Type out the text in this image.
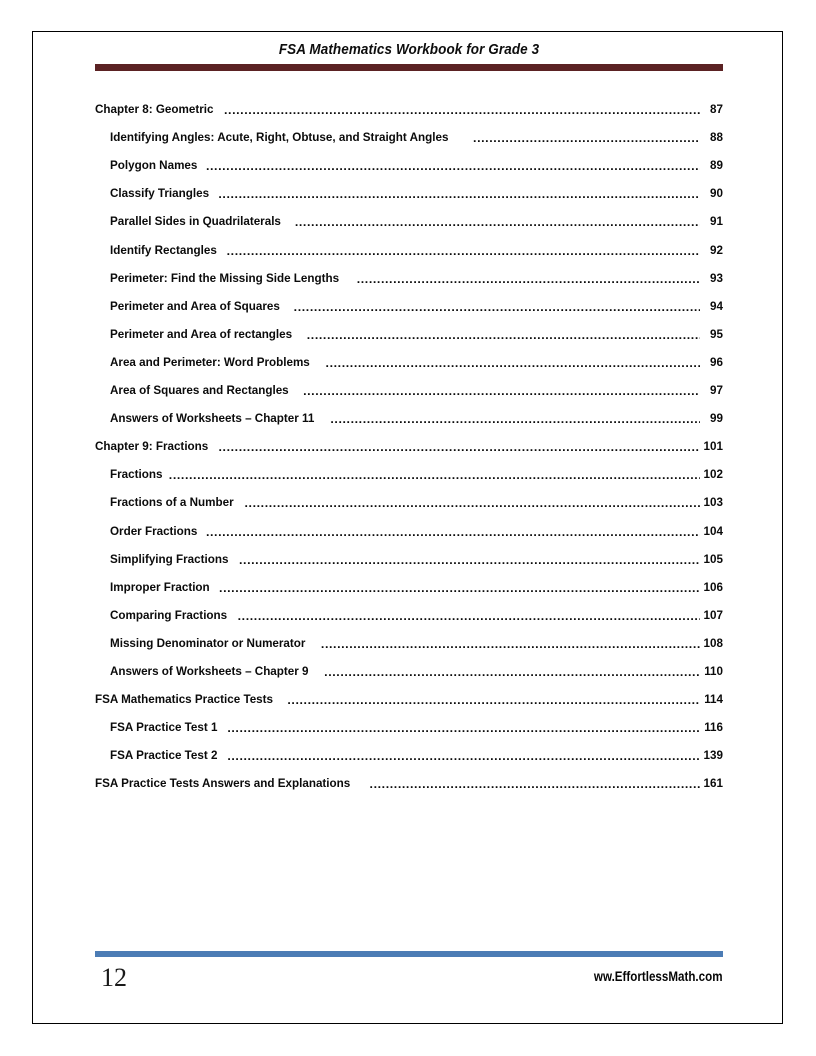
FSA Mathematics Workbook for Grade 3
Chapter 8: Geometric .....	87
Identifying Angles: Acute, Right, Obtuse, and Straight Angles .....	88
Polygon Names .....	89
Classify Triangles .....	90
Parallel Sides in Quadrilaterals .....	91
Identify Rectangles .....	92
Perimeter: Find the Missing Side Lengths .....	93
Perimeter and Area of Squares .....	94
Perimeter and Area of rectangles .....	95
Area and Perimeter: Word Problems .....	96
Area of Squares and Rectangles .....	97
Answers of Worksheets – Chapter 11 .....	99
Chapter 9: Fractions .....	101
Fractions .....	102
Fractions of a Number .....	103
Order Fractions .....	104
Simplifying Fractions .....	105
Improper Fraction .....	106
Comparing Fractions .....	107
Missing Denominator or Numerator .....	108
Answers of Worksheets – Chapter 9 .....	110
FSA Mathematics Practice Tests .....	114
FSA Practice Test 1 .....	116
FSA Practice Test 2 .....	139
FSA Practice Tests Answers and Explanations .....	161
12	ww.EffortlessMath.com
